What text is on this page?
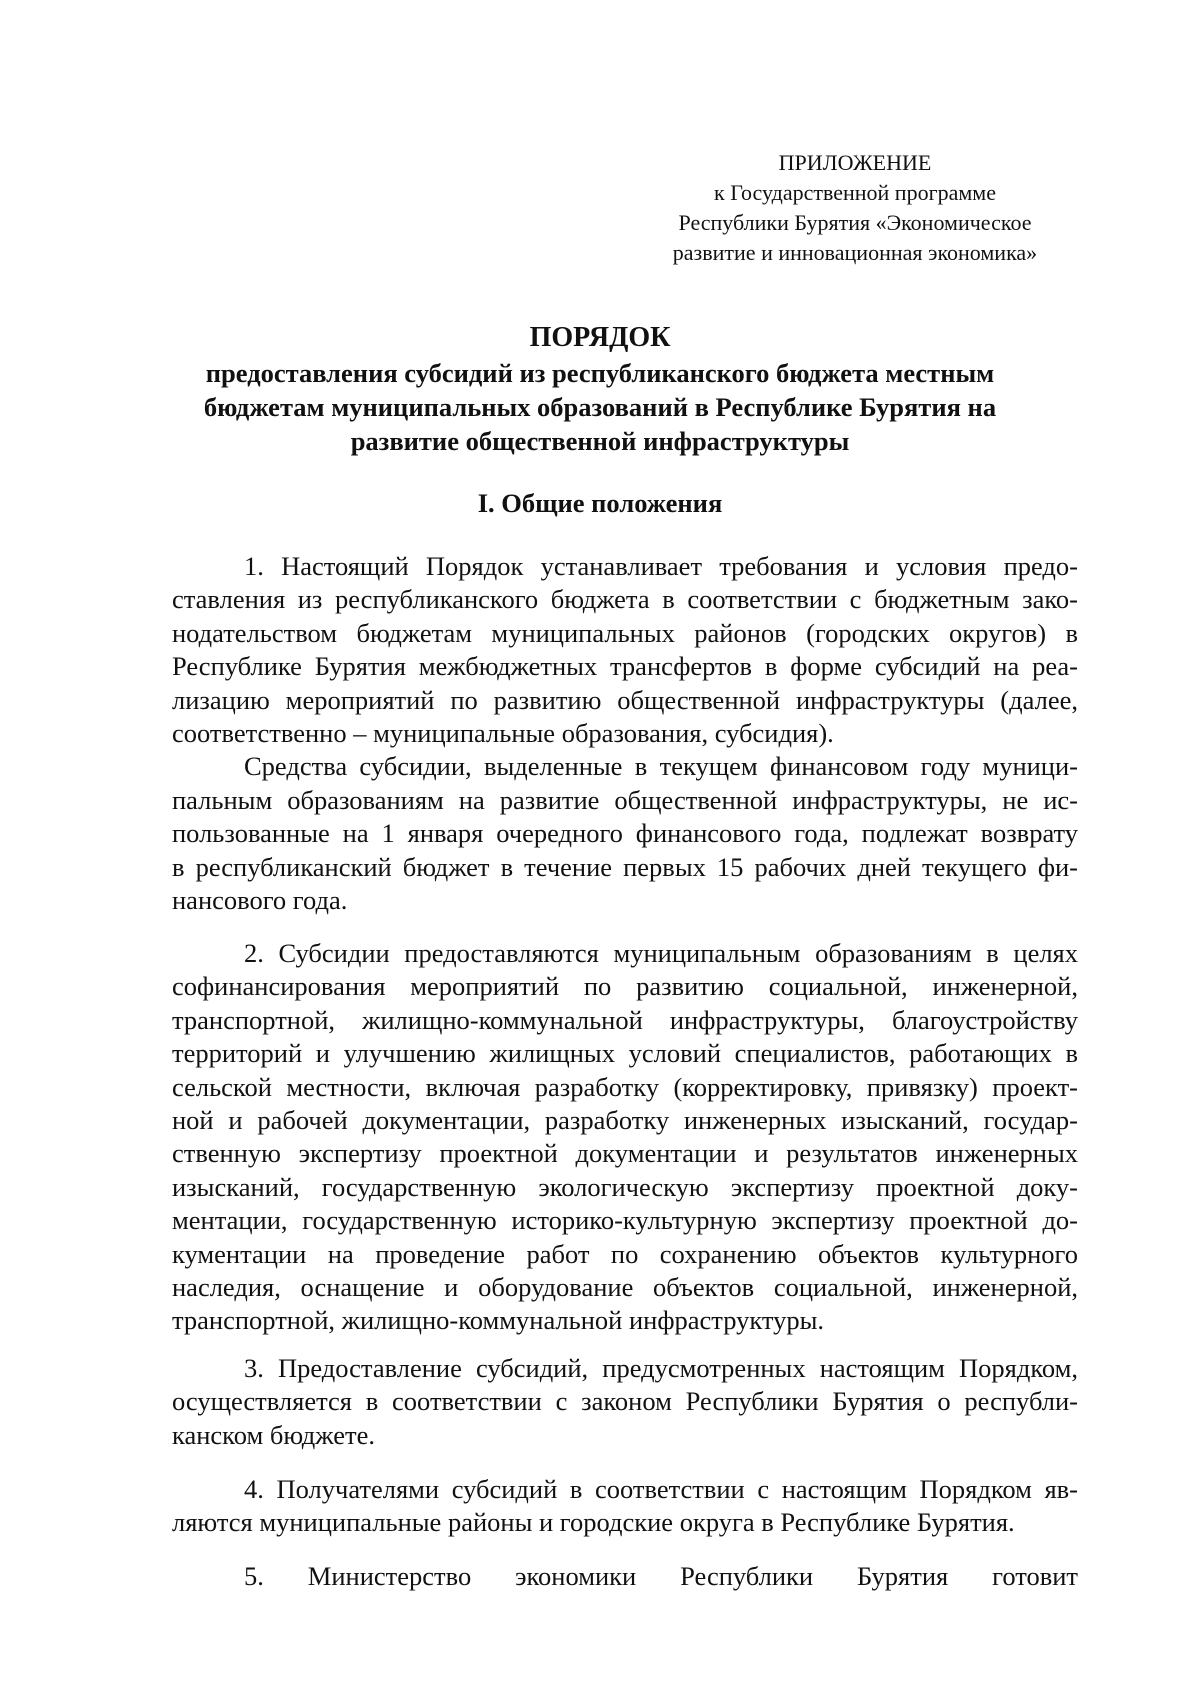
ПРИЛОЖЕНИЕ
к Государственной программе
Республики Бурятия «Экономическое
развитие и инновационная экономика»
ПОРЯДОК
предоставления субсидий из республиканского бюджета местным
бюджетам муниципальных образований в Республике Бурятия на
развитие общественной инфраструктуры
I. Общие положения
1. Настоящий Порядок устанавливает требования и условия предо-
ставления из республиканского бюджета в соответствии с бюджетным зако-
нодательством бюджетам муниципальных районов (городских округов) в
Республике Бурятия межбюджетных трансфертов в форме субсидий на реа-
лизацию мероприятий по развитию общественной инфраструктуры (далее,
соответственно – муниципальные образования, субсидия).
Средства субсидии, выделенные в текущем финансовом году муници-
пальным образованиям на развитие общественной инфраструктуры, не ис-
пользованные на 1 января очередного финансового года, подлежат возврату
в республиканский бюджет в течение первых 15 рабочих дней текущего фи-
нансового года.
2. Субсидии предоставляются муниципальным образованиям в целях
софинансирования мероприятий по развитию социальной, инженерной,
транспортной, жилищно-коммунальной инфраструктуры, благоустройству
территорий и улучшению жилищных условий специалистов, работающих в
сельской местности, включая разработку (корректировку, привязку) проект-
ной и рабочей документации, разработку инженерных изысканий, государ-
ственную экспертизу проектной документации и результатов инженерных
изысканий, государственную экологическую экспертизу проектной доку-
ментации, государственную историко-культурную экспертизу проектной до-
кументации на проведение работ по сохранению объектов культурного
наследия, оснащение и оборудование объектов социальной, инженерной,
транспортной, жилищно-коммунальной инфраструктуры.
3. Предоставление субсидий, предусмотренных настоящим Порядком,
осуществляется в соответствии с законом Республики Бурятия о республи-
канском бюджете.
4. Получателями субсидий в соответствии с настоящим Порядком яв-
ляются муниципальные районы и городские округа в Республике Бурятия.
5. Министерство экономики Республики Бурятия готовит
